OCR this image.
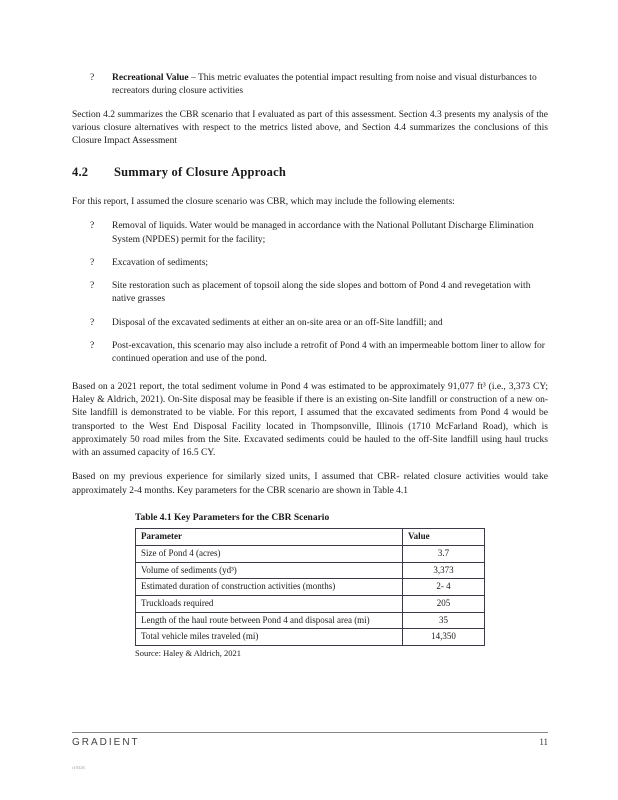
?	Recreational Value – This metric evaluates the potential impact resulting from noise and visual disturbances to recreators during closure activities

Section 4.2 summarizes the CBR scenario that I evaluated as part of this assessment. Section 4.3 presents my analysis of the various closure alternatives with respect to the metrics listed above, and Section 4.4 summarizes the conclusions of this Closure Impact Assessment

4.2	Summary of Closure Approach

For this report, I assumed the closure scenario was CBR, which may include the following elements:

?	Removal of liquids. Water would be managed in accordance with the National Pollutant Discharge Elimination System (NPDES) permit for the facility;
?	Excavation of sediments;
?	Site restoration such as placement of topsoil along the side slopes and bottom of Pond 4 and revegetation with native grasses
?	Disposal of the excavated sediments at either an on-site area or an off-Site landfill; and
?	Post-excavation, this scenario may also include a retrofit of Pond 4 with an impermeable bottom liner to allow for continued operation and use of the pond.

Based on a 2021 report, the total sediment volume in Pond 4 was estimated to be approximately 91,077 ft³ (i.e., 3,373 CY; Haley & Aldrich, 2021). On-Site disposal may be feasible if there is an existing on-Site landfill or construction of a new on-Site landfill is demonstrated to be viable. For this report, I assumed that the excavated sediments from Pond 4 would be transported to the West End Disposal Facility located in Thompsonville, Illinois (1710 McFarland Road), which is approximately 50 road miles from the Site. Excavated sediments could be hauled to the off-Site landfill using haul trucks with an assumed capacity of 16.5 CY.

Based on my previous experience for similarly sized units, I assumed that CBR- related closure activities would take approximately 2-4 months. Key parameters for the CBR scenario are shown in Table 4.1

Table 4.1 Key Parameters for the CBR Scenario
Parameter	Value
Size of Pond 4 (acres)	3.7
Volume of sediments (yd³)	3,373
Estimated duration of construction activities (months)	2- 4
Truckloads required	205
Length of the haul route between Pond 4 and disposal area (mi)	35
Total vehicle miles traveled (mi)	14,350
Source: Haley & Aldrich, 2021
GRADIENT	11
r10326
